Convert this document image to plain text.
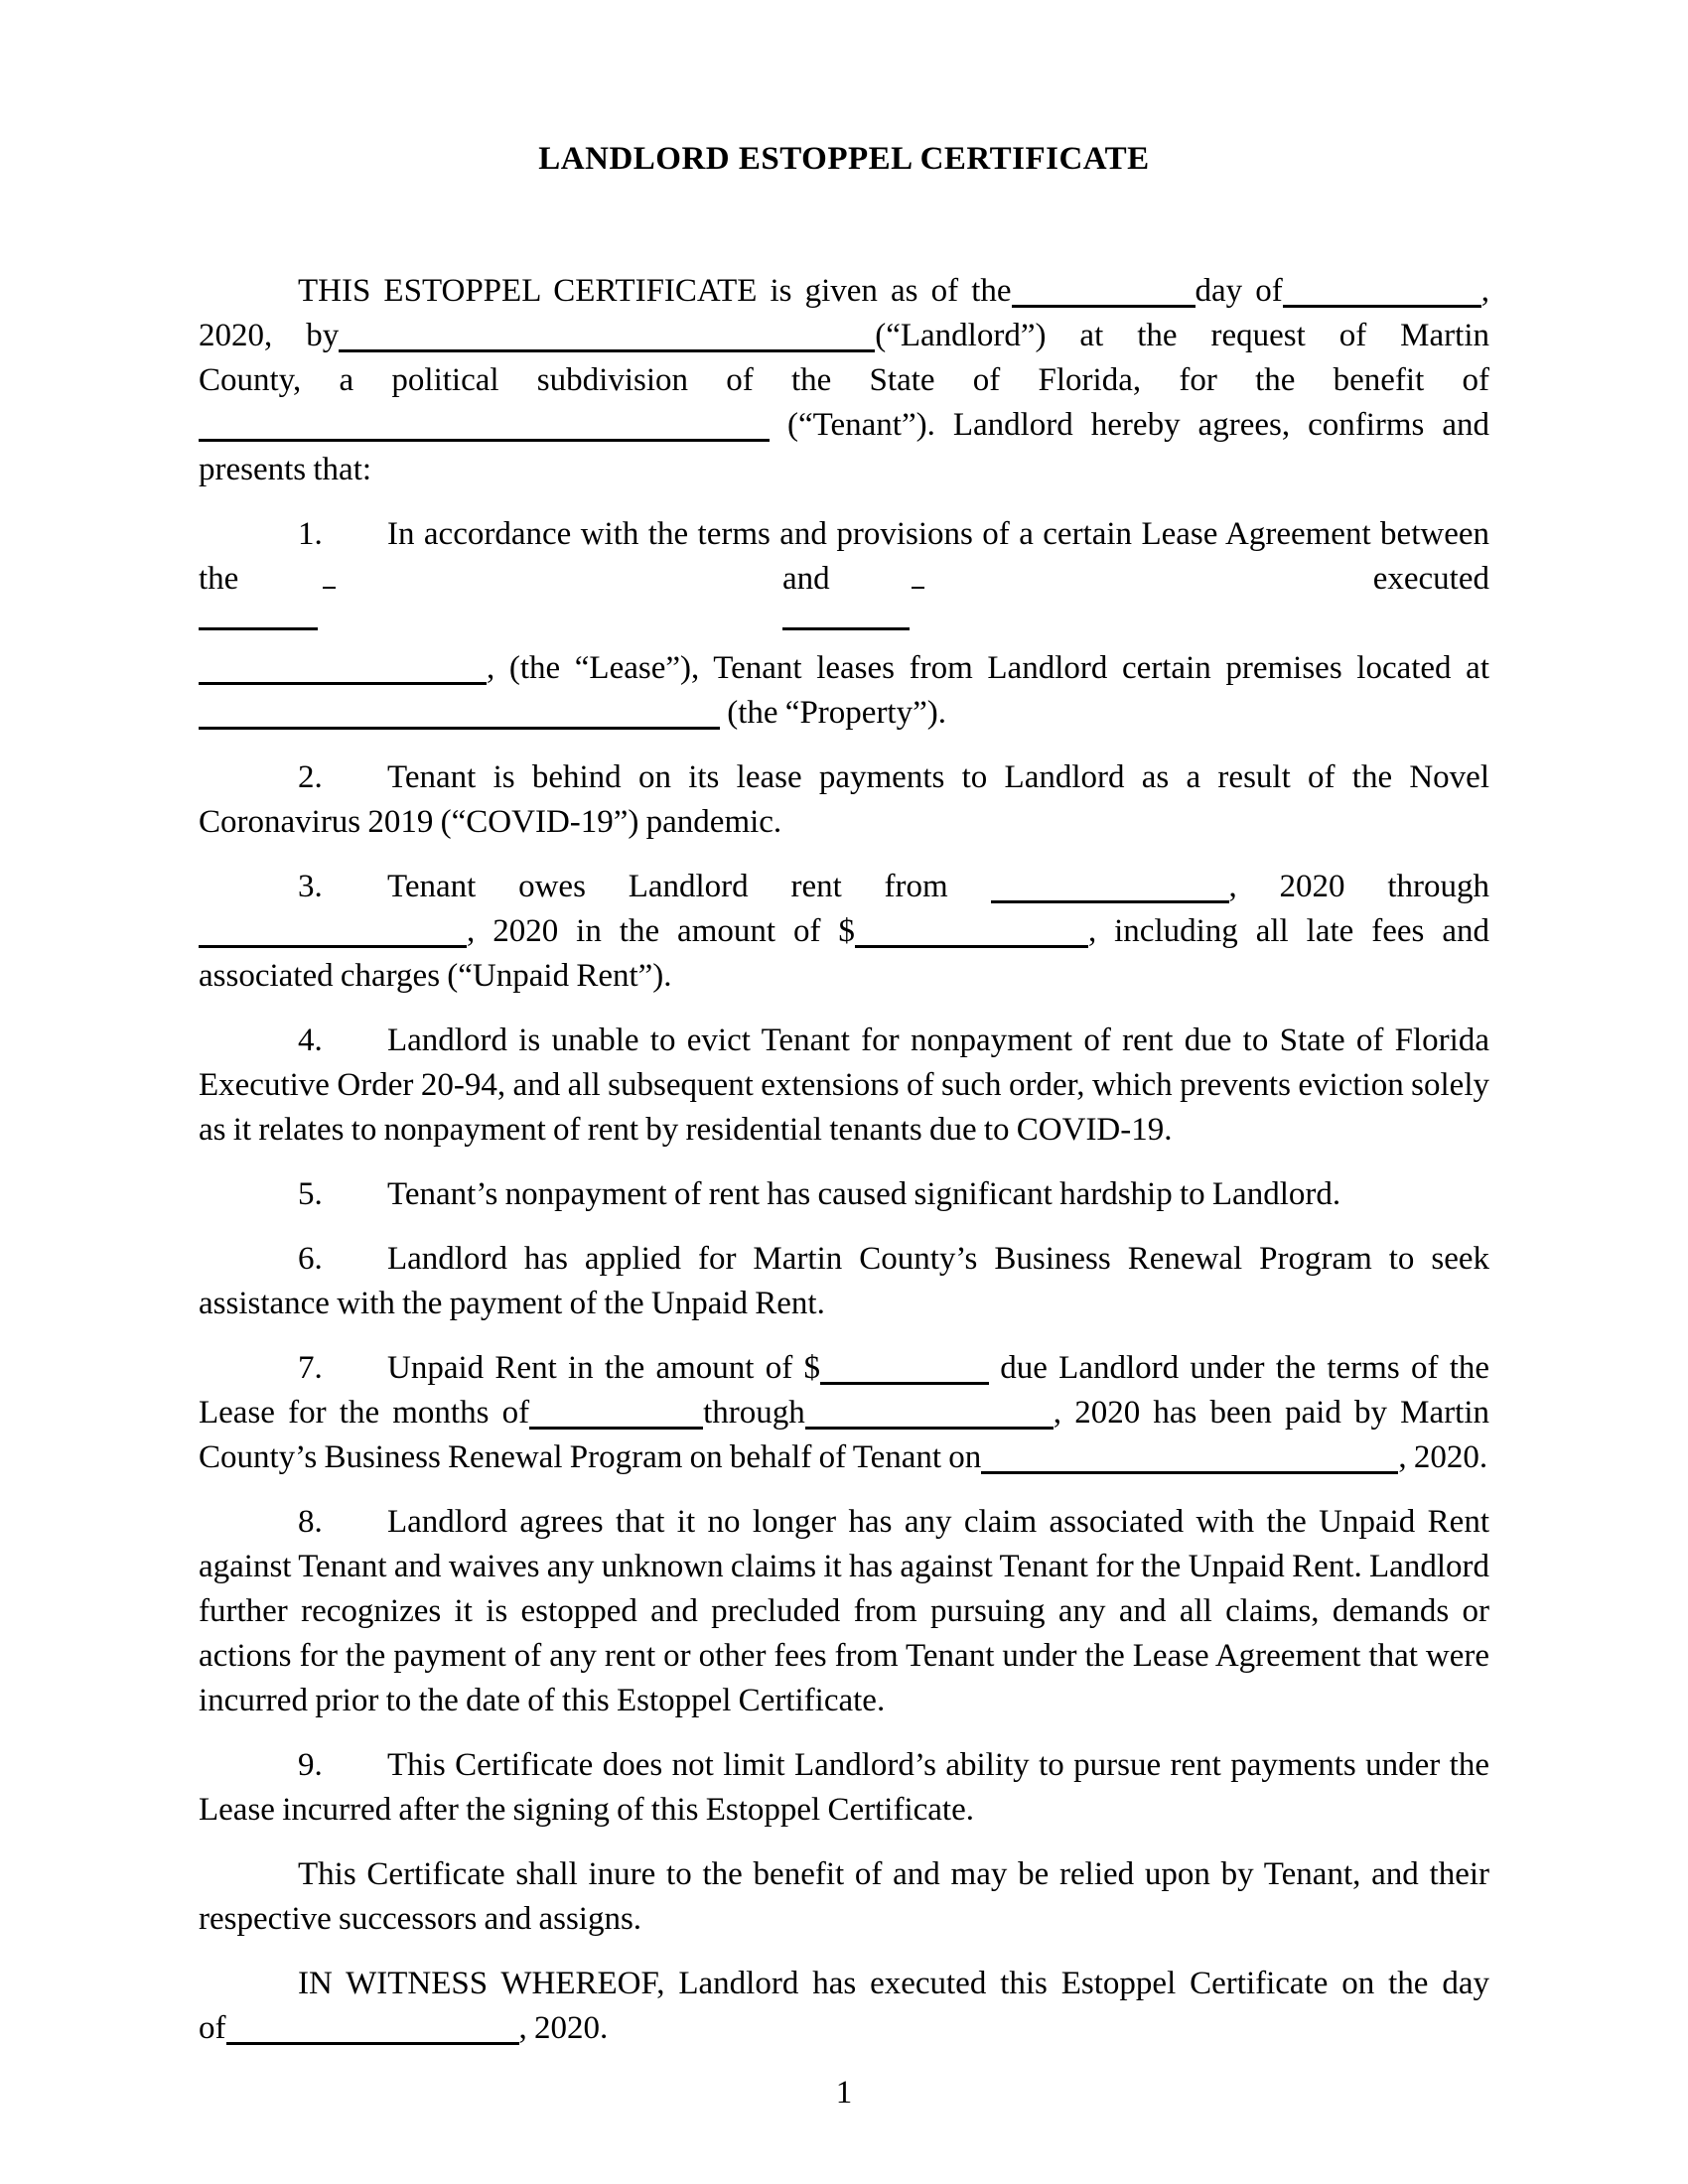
LANDLORD ESTOPPEL CERTIFICATE
THIS ESTOPPEL CERTIFICATE is given as of the	day of	,
2020, by	(“Landlord”) at the request of Martin
County, a political subdivision of the State of Florida, for the benefit of
(“Tenant”). Landlord hereby agrees, confirms and
presents that:
1. In accordance with the terms and provisions of a certain Lease Agreement between
the	and	executed
, (the “Lease”), Tenant leases from Landlord certain premises located at
(the “Property”).

2. Tenant is behind on its lease payments to Landlord as a result of the Novel Coronavirus 2019 (“COVID-19”) pandemic.

3. Tenant owes Landlord rent from	, 2020 through
, 2020 in the amount of $	, including all late fees and
associated charges (“Unpaid Rent”).

4. Landlord is unable to evict Tenant for nonpayment of rent due to State of Florida Executive Order 20-94, and all subsequent extensions of such order, which prevents eviction solely as it relates to nonpayment of rent by residential tenants due to COVID-19.

5. Tenant’s nonpayment of rent has caused significant hardship to Landlord.

6. Landlord has applied for Martin County’s Business Renewal Program to seek assistance with the payment of the Unpaid Rent.

7. Unpaid Rent in the amount of $	due Landlord under the terms of the
Lease for the months of	through	, 2020 has been paid by Martin
County’s Business Renewal Program on behalf of Tenant on	, 2020.

8. Landlord agrees that it no longer has any claim associated with the Unpaid Rent against Tenant and waives any unknown claims it has against Tenant for the Unpaid Rent. Landlord further recognizes it is estopped and precluded from pursuing any and all claims, demands or actions for the payment of any rent or other fees from Tenant under the Lease Agreement that were incurred prior to the date of this Estoppel Certificate.

9. This Certificate does not limit Landlord’s ability to pursue rent payments under the Lease incurred after the signing of this Estoppel Certificate.

This Certificate shall inure to the benefit of and may be relied upon by Tenant, and their respective successors and assigns.

IN WITNESS WHEREOF, Landlord has executed this Estoppel Certificate on the day
of	, 2020.
1
